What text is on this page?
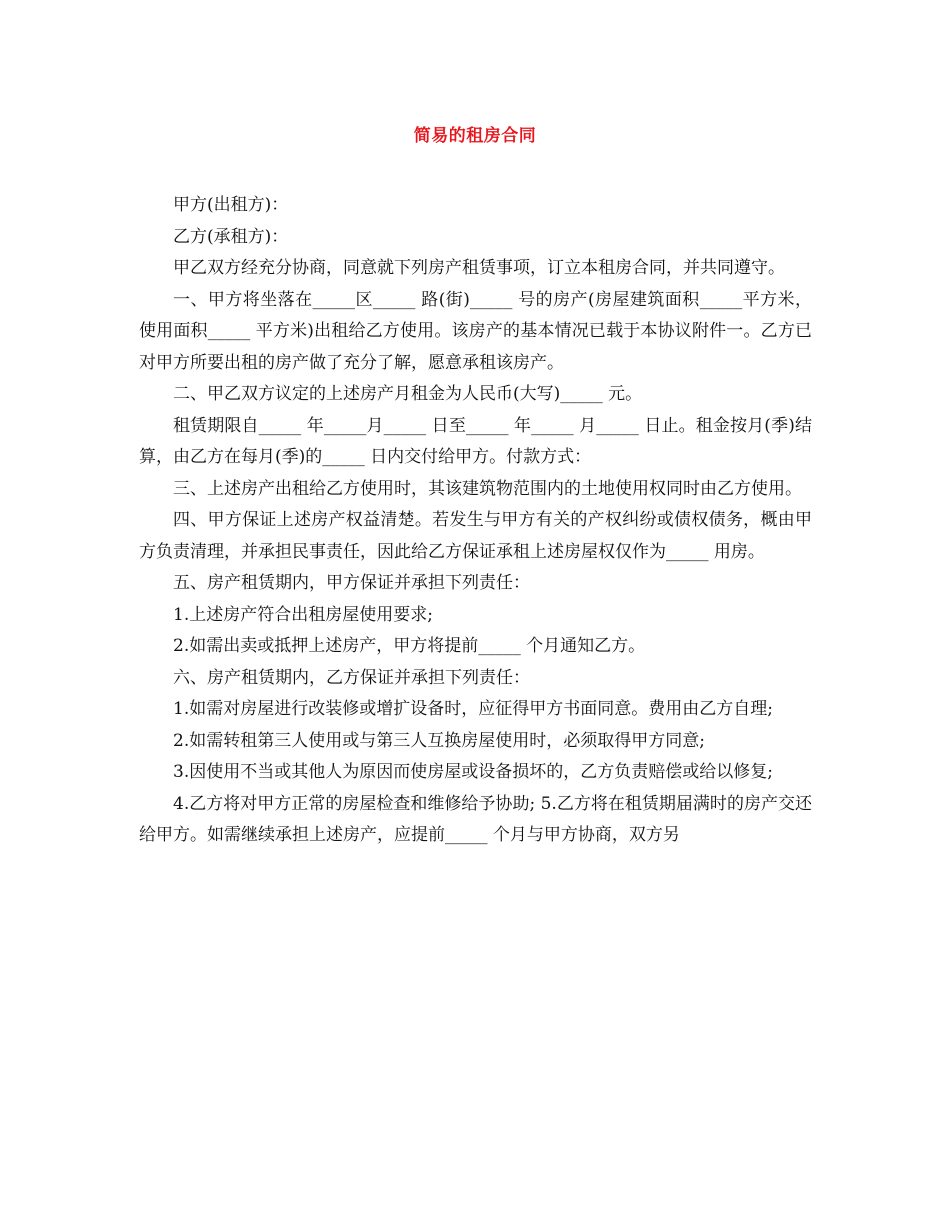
简易的租房合同

甲方(出租方)：

乙方(承租方)：

甲乙双方经充分协商，同意就下列房产租赁事项，订立本租房合同，并共同遵守。

一、甲方将坐落在_____区_____ 路(街)_____ 号的房产(房屋建筑面积_____平方米，使用面积_____ 平方米)出租给乙方使用。该房产的基本情况已载于本协议附件一。乙方已对甲方所要出租的房产做了充分了解，愿意承租该房产。

二、甲乙双方议定的上述房产月租金为人民币(大写)_____ 元。

租赁期限自_____ 年_____月_____ 日至_____ 年_____ 月_____ 日止。租金按月(季)结算，由乙方在每月(季)的_____ 日内交付给甲方。付款方式：

三、上述房产出租给乙方使用时，其该建筑物范围内的土地使用权同时由乙方使用。

四、甲方保证上述房产权益清楚。若发生与甲方有关的产权纠纷或债权债务，概由甲方负责清理，并承担民事责任，因此给乙方保证承租上述房屋权仅作为_____ 用房。

五、房产租赁期内，甲方保证并承担下列责任：

1.上述房产符合出租房屋使用要求;

2.如需出卖或抵押上述房产，甲方将提前_____ 个月通知乙方。

六、房产租赁期内，乙方保证并承担下列责任：

1.如需对房屋进行改装修或增扩设备时，应征得甲方书面同意。费用由乙方自理;

2.如需转租第三人使用或与第三人互换房屋使用时，必须取得甲方同意;

3.因使用不当或其他人为原因而使房屋或设备损坏的，乙方负责赔偿或给以修复;

4.乙方将对甲方正常的房屋检查和维修给予协助; 5.乙方将在租赁期届满时的房产交还给甲方。如需继续承担上述房产，应提前_____ 个月与甲方协商，双方另
